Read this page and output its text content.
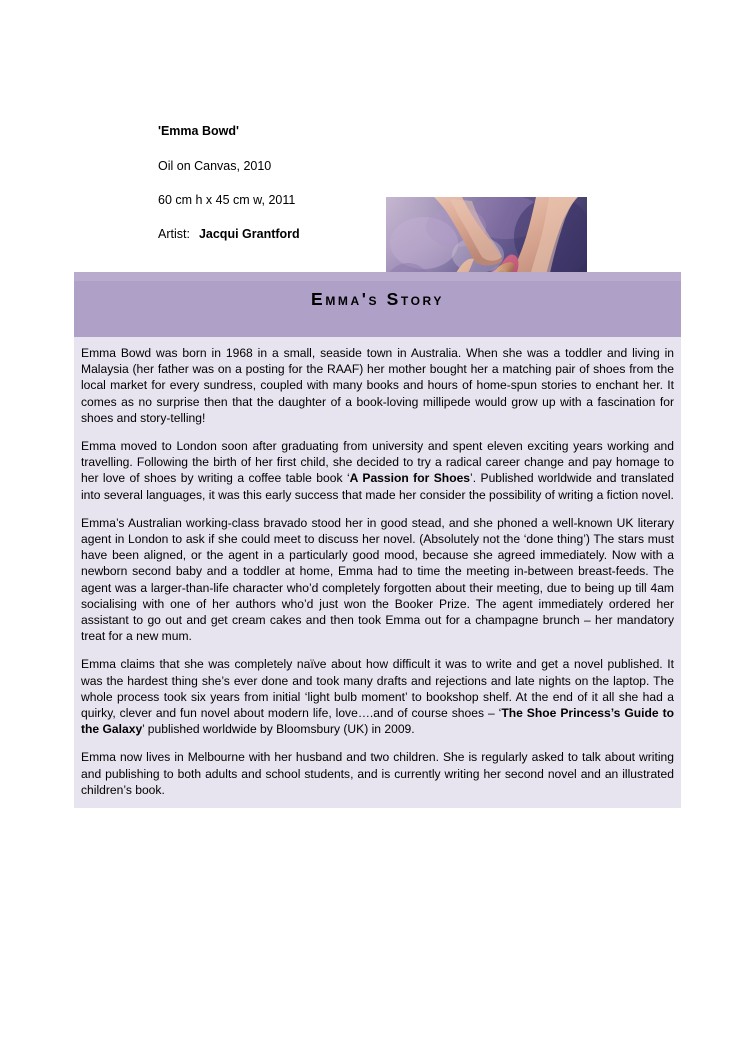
'Emma Bowd'
Oil on Canvas, 2010
60 cm h x 45 cm w, 2011
Artist: Jacqui Grantford
Emma's Story

Emma Bowd was born in 1968 in a small, seaside town in Australia. When she was a toddler and living in Malaysia (her father was on a posting for the RAAF) her mother bought her a matching pair of shoes from the local market for every sundress, coupled with many books and hours of home-spun stories to enchant her. It comes as no surprise then that the daughter of a book-loving millipede would grow up with a fascination for shoes and story-telling!

Emma moved to London soon after graduating from university and spent eleven exciting years working and travelling. Following the birth of her first child, she decided to try a radical career change and pay homage to her love of shoes by writing a coffee table book ‘A Passion for Shoes’. Published worldwide and translated into several languages, it was this early success that made her consider the possibility of writing a fiction novel.

Emma’s Australian working-class bravado stood her in good stead, and she phoned a well-known UK literary agent in London to ask if she could meet to discuss her novel. (Absolutely not the ‘done thing’) The stars must have been aligned, or the agent in a particularly good mood, because she agreed immediately. Now with a newborn second baby and a toddler at home, Emma had to time the meeting in-between breast-feeds. The agent was a larger-than-life character who’d completely forgotten about their meeting, due to being up till 4am socialising with one of her authors who’d just won the Booker Prize. The agent immediately ordered her assistant to go out and get cream cakes and then took Emma out for a champagne brunch – her mandatory treat for a new mum.

Emma claims that she was completely naïve about how difficult it was to write and get a novel published. It was the hardest thing she’s ever done and took many drafts and rejections and late nights on the laptop. The whole process took six years from initial ‘light bulb moment’ to bookshop shelf. At the end of it all she had a quirky, clever and fun novel about modern life, love….and of course shoes – ‘The Shoe Princess’s Guide to the Galaxy’ published worldwide by Bloomsbury (UK) in 2009.

Emma now lives in Melbourne with her husband and two children. She is regularly asked to talk about writing and publishing to both adults and school students, and is currently writing her second novel and an illustrated children’s book.
